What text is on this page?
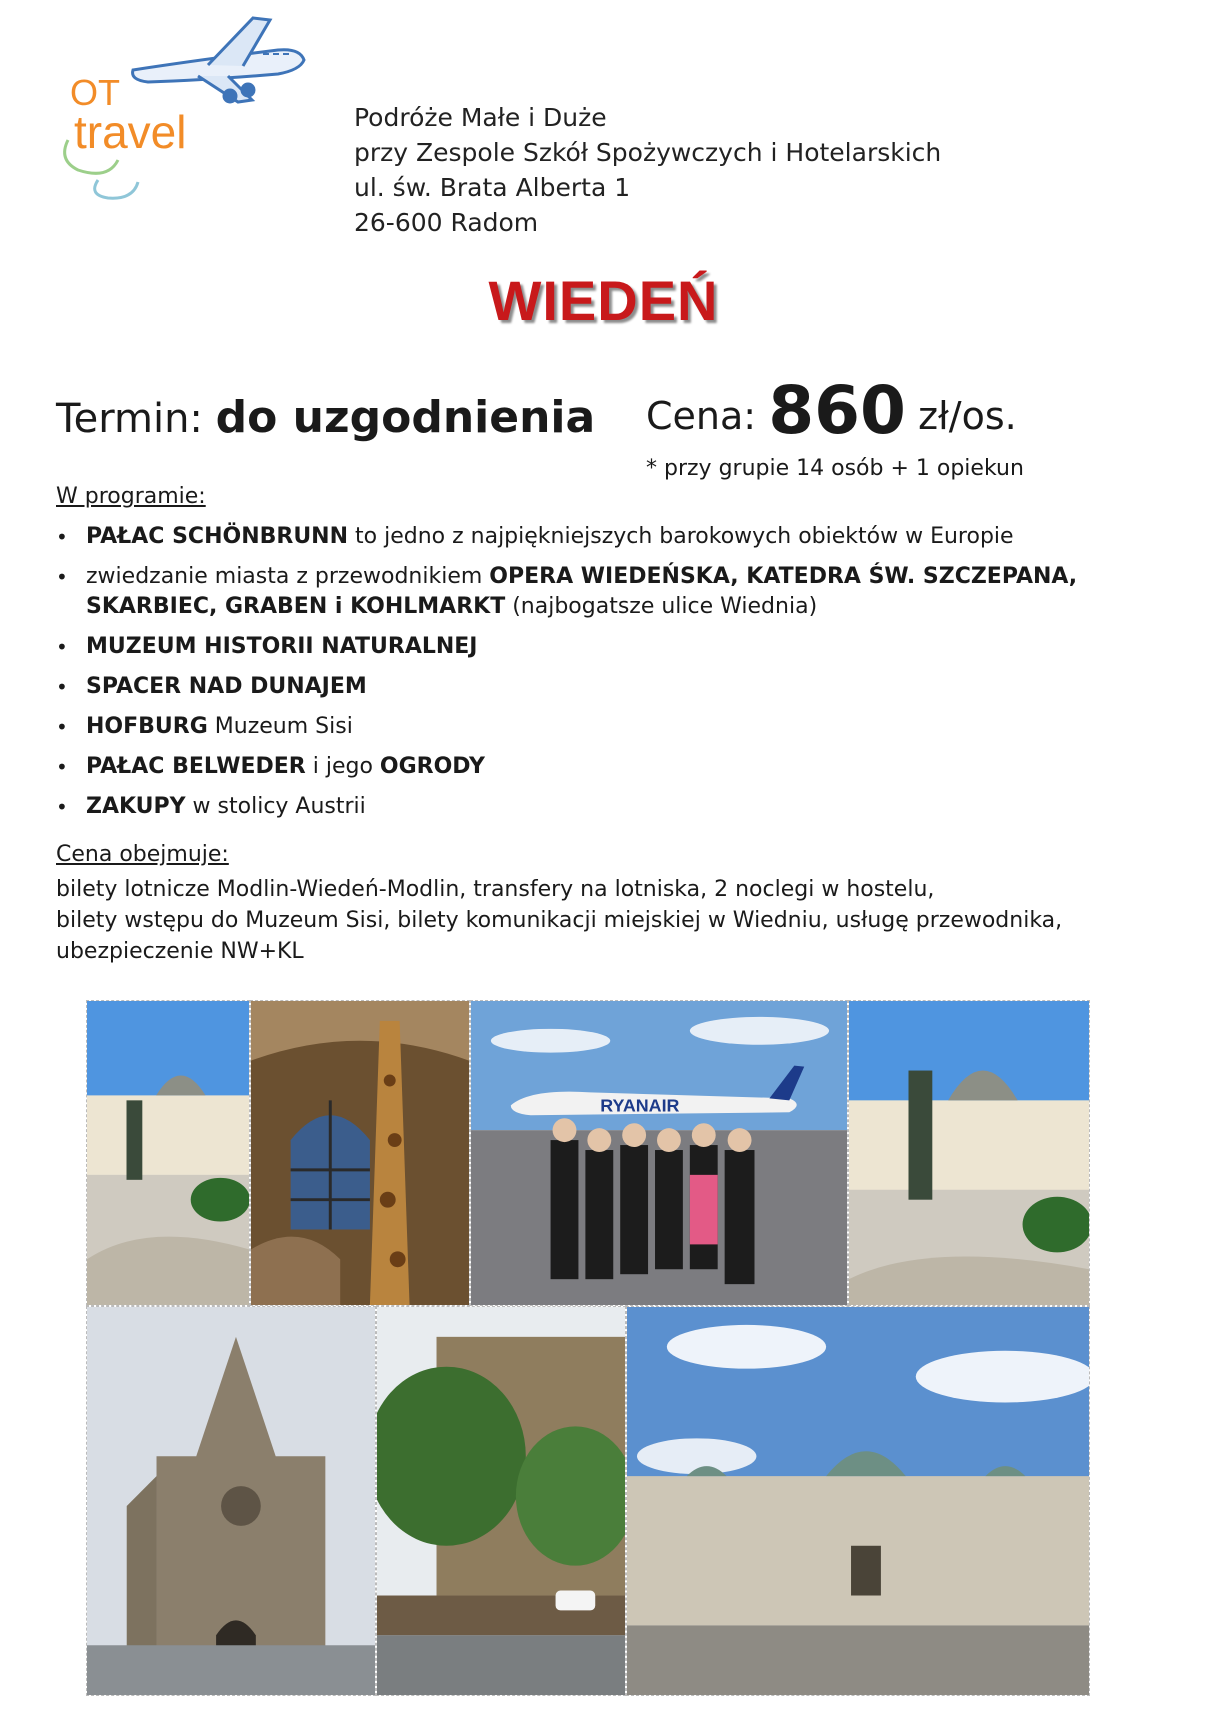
OT
travel	Podróże Małe i Duże
przy Zespole Szkół Spożywczych i Hotelarskich
ul. św. Brata Alberta 1
26-600 Radom
WIEDEŃ
Termin: do uzgodnienia Cena: 860 zł/os.
* przy grupie 14 osób + 1 opiekun
W programie:
• PAŁAC SCHÖNBRUNN to jedno z najpiękniejszych barokowych obiektów w Europie
• zwiedzanie miasta z przewodnikiem OPERA WIEDEŃSKA, KATEDRA ŚW. SZCZEPANA, SKARBIEC, GRABEN i KOHLMARKT (najbogatsze ulice Wiednia)
• MUZEUM HISTORII NATURALNEJ
• SPACER NAD DUNAJEM
• HOFBURG Muzeum Sisi
• PAŁAC BELWEDER i jego OGRODY
• ZAKUPY w stolicy Austrii
Cena obejmuje:
bilety lotnicze Modlin-Wiedeń-Modlin, transfery na lotniska, 2 noclegi w hostelu,
bilety wstępu do Muzeum Sisi, bilety komunikacji miejskiej w Wiedniu, usługę przewodnika,
ubezpieczenie NW+KL
RYANAIR
